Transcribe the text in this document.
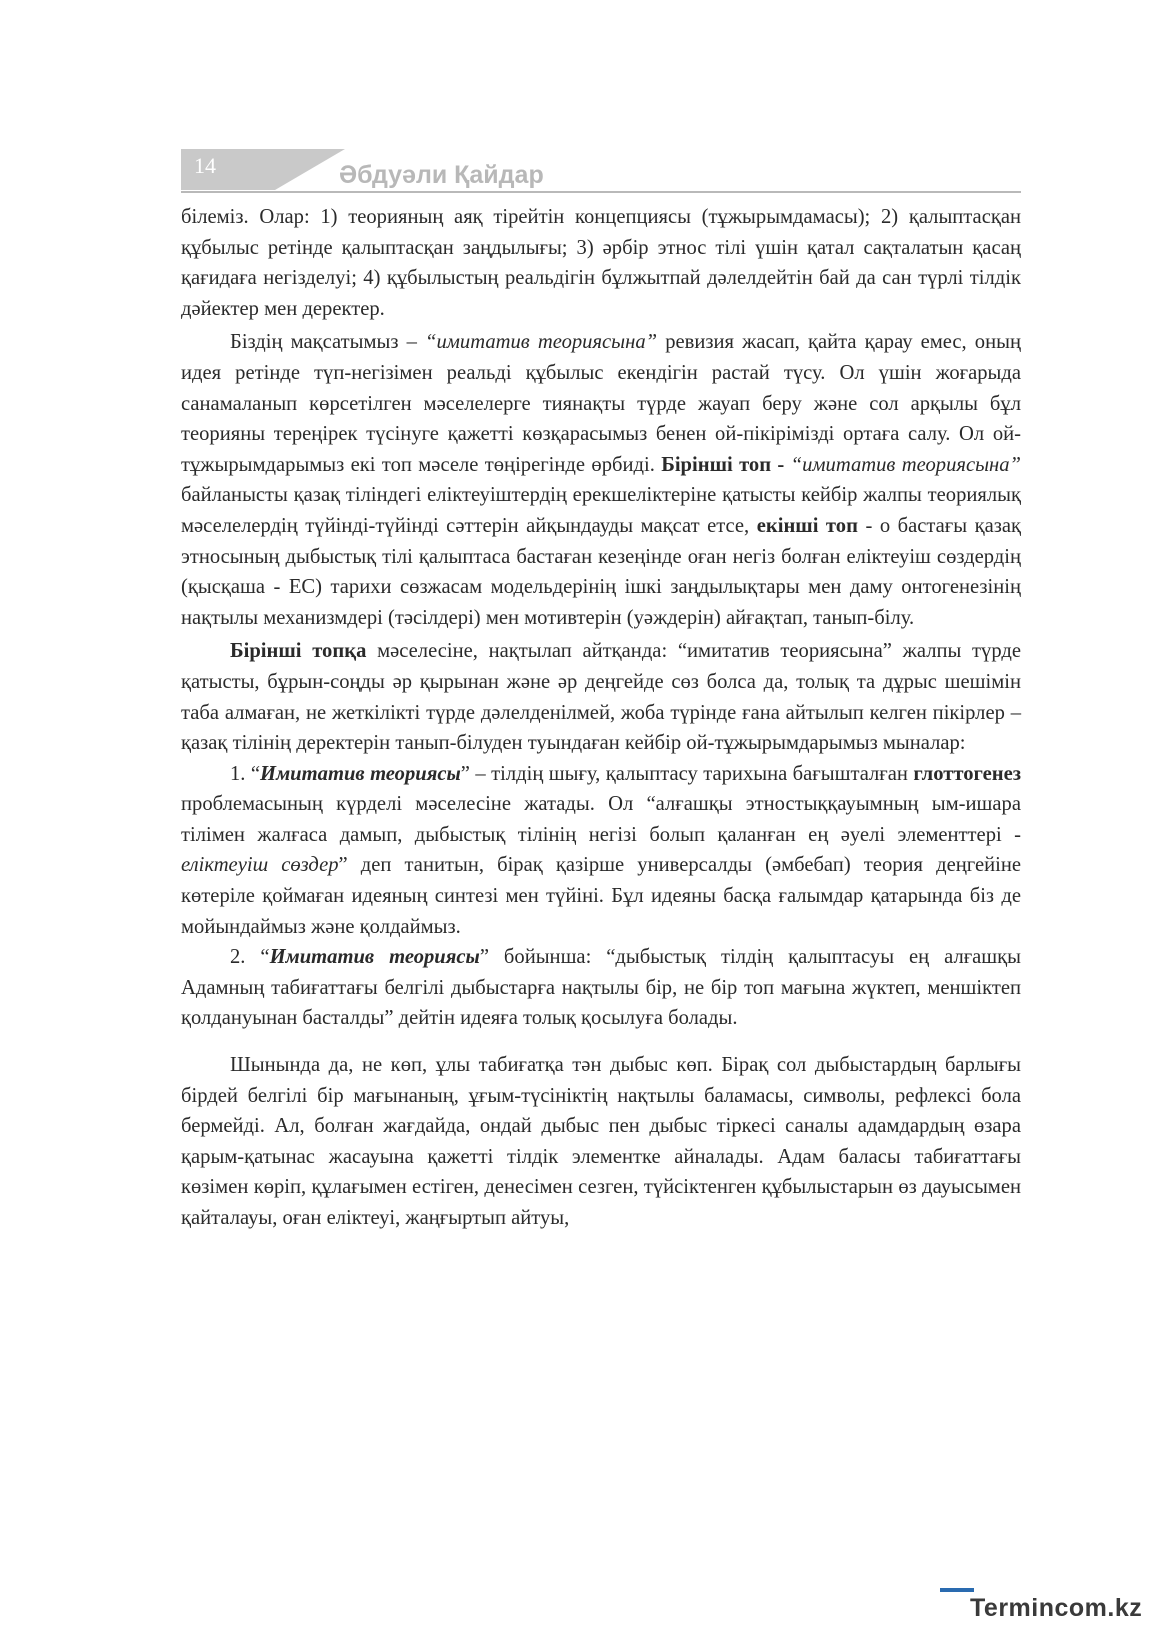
14	Әбдуәли Қайдар

білеміз. Олар: 1) теорияның аяқ тірейтін концепциясы (тұжырымдамасы); 2) қалыптасқан құбылыс ретінде қалыптасқан заңдылығы; 3) әрбір этнос тілі үшін қатал сақталатын қасаң қағидаға негізделуі; 4) құбылыстың реальдігін бұлжытпай дәлелдейтін бай да сан түрлі тілдік дәйектер мен деректер.

Біздің мақсатымыз – “имитатив теориясына” ревизия жасап, қайта қарау емес, оның идея ретінде түп-негізімен реальді құбылыс екендігін растай түсу. Ол үшін жоғарыда санамаланып көрсетілген мәселелерге тиянақты түрде жауап беру және сол арқылы бұл теорияны тереңірек түсінуге қажетті көзқарасымыз бенен ой-пікірімізді ортаға салу. Ол ой-тұжырымдарымыз екі топ мәселе төңірегінде өрбиді. Бірінші топ - “имитатив теориясына” байланысты қазақ тіліндегі еліктеуіштердің ерекшеліктеріне қатысты кейбір жалпы теориялық мәселелердің түйінді-түйінді сәттерін айқындауды мақсат етсе, екінші топ - о бастағы қазақ этносының дыбыстық тілі қалыптаса бастаған кезеңінде оған негіз болған еліктеуіш сөздердің (қысқаша - ЕС) тарихи сөзжасам модельдерінің ішкі заңдылықтары мен даму онтогенезінің нақтылы механизмдері (тәсілдері) мен мотивтерін (уәждерін) айғақтап, танып-білу.

Бірінші топқа мәселесіне, нақтылап айтқанда: “имитатив теориясына” жалпы түрде қатысты, бұрын-соңды әр қырынан және әр деңгейде сөз болса да, толық та дұрыс шешімін таба алмаған, не жеткілікті түрде дәлелденілмей, жоба түрінде ғана айтылып келген пікірлер – қазақ тілінің деректерін танып-білуден туындаған кейбір ой-тұжырымдарымыз мыналар:

1. “Имитатив теориясы” – тілдің шығу, қалыптасу тарихына бағышталған глоттогенез проблемасының күрделі мәселесіне жатады. Ол “алғашқы этностыққауымның ым-ишара тілімен жалғаса дамып, дыбыстық тілінің негізі болып қаланған ең әуелі элементтері - еліктеуіш сөздер” деп танитын, бірақ қазірше универсалды (әмбебап) теория деңгейіне көтеріле қоймаған идеяның синтезі мен түйіні. Бұл идеяны басқа ғалымдар қатарында біз де мойындаймыз және қолдаймыз.

2. “Имитатив теориясы” бойынша: “дыбыстық тілдің қалыптасуы ең алғашқы Адамның табиғаттағы белгілі дыбыстарға нақтылы бір, не бір топ мағына жүктеп, меншіктеп қолдануынан басталды” дейтін идеяға толық қосылуға болады.

Шынында да, не көп, ұлы табиғатқа тән дыбыс көп. Бірақ сол дыбыстардың барлығы бірдей белгілі бір мағынаның, ұғым-түсініктің нақтылы баламасы, символы, рефлексі бола бермейді. Ал, болған жағдайда, ондай дыбыс пен дыбыс тіркесі саналы адамдардың өзара қарым-қатынас жасауына қажетті тілдік элементке айналады. Адам баласы табиғаттағы көзімен көріп, құлағымен естіген, денесімен сезген, түйсіктенген құбылыстарын өз дауысымен қайталауы, оған еліктеуі, жаңғыртып айтуы,

Termincom.kz
